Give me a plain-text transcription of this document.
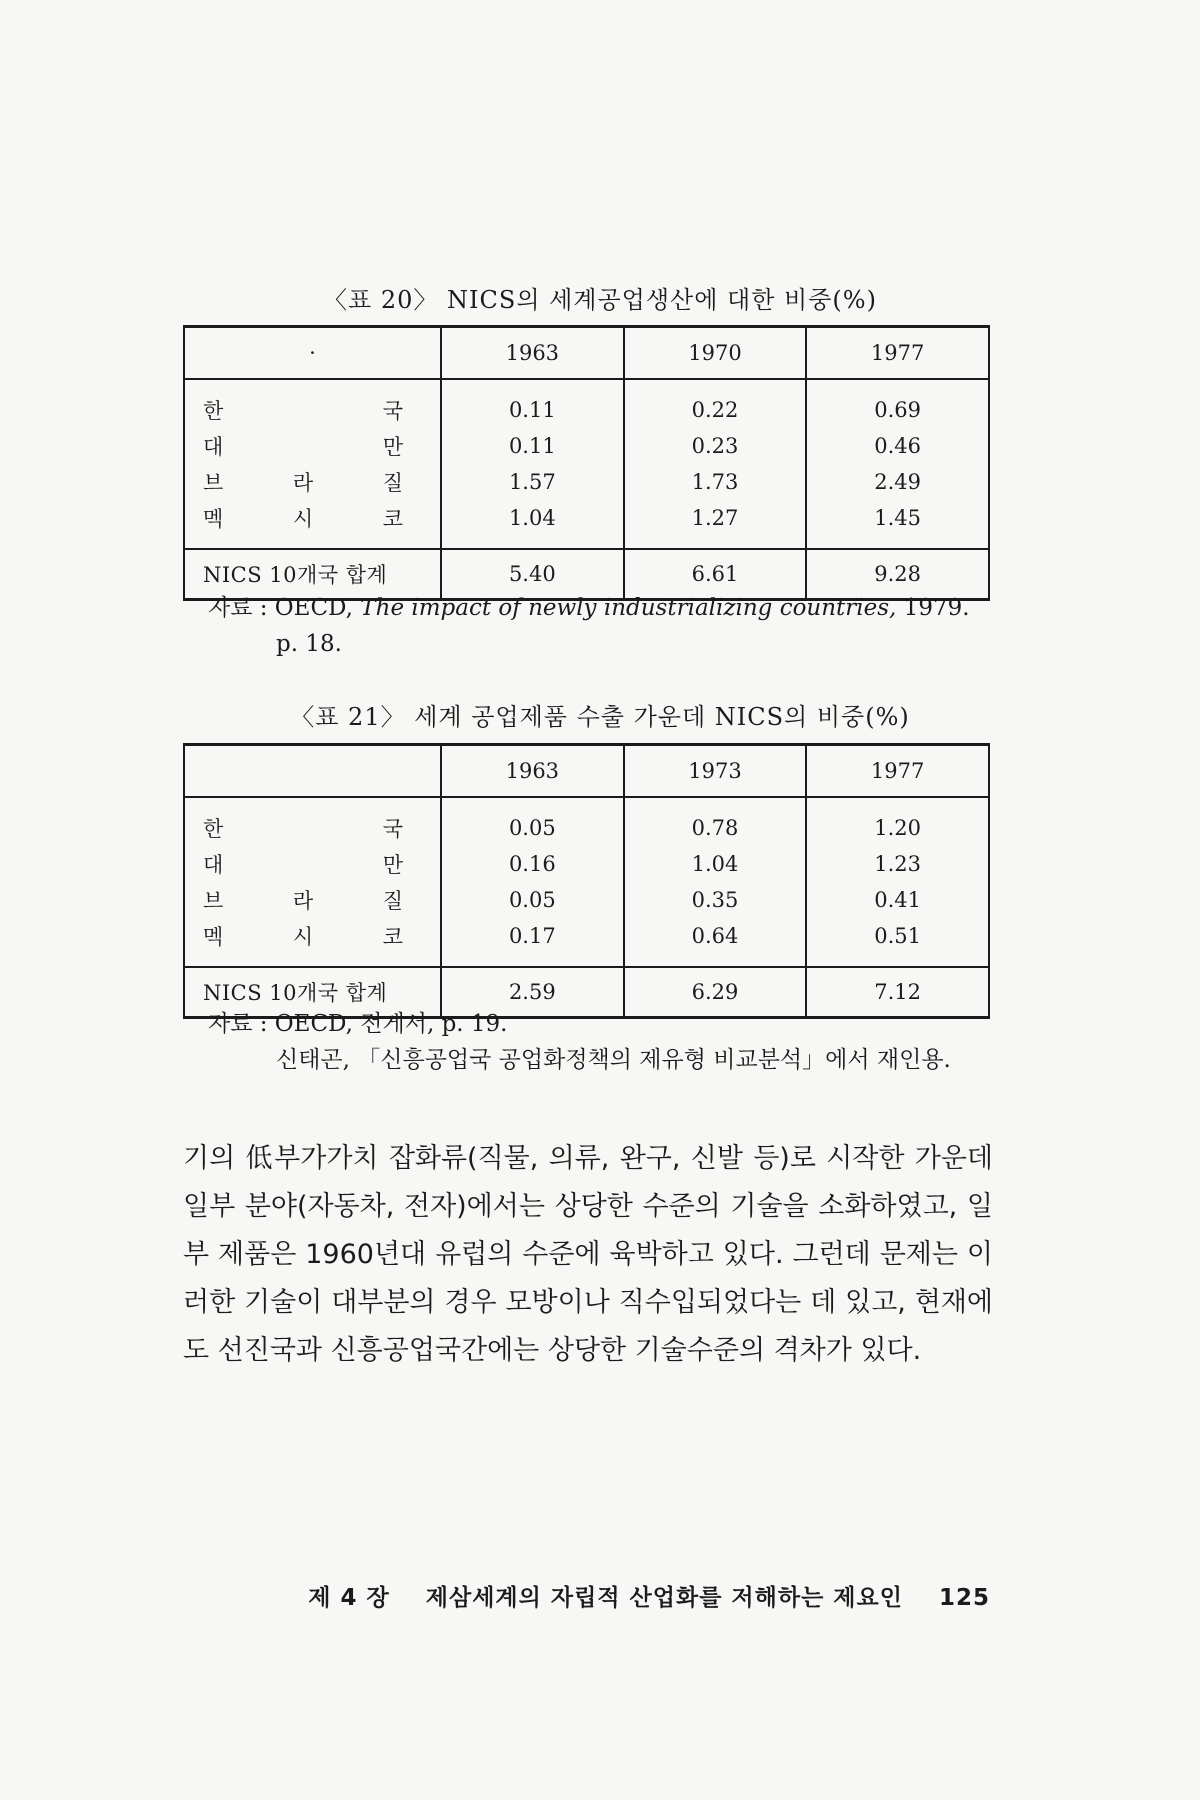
〈표 20〉 NICS의 세계공업생산에 대한 비중(%)
·	1963	1970	1977

한 국	0.11	0.22	0.69

대 만	0.11	0.23	0.46

브 라 질	1.57	1.73	2.49

멕 시 코	1.04	1.27	1.45
NICS 10개국 합계	5.40	6.61	9.28
자료 : OECD, The impact of newly industrializing countries, 1979.
p. 18.
〈표 21〉 세계 공업제품 수출 가운데 NICS의 비중(%)
	1963	1973	1977

한 국	0.05	0.78	1.20

대 만	0.16	1.04	1.23

브 라 질	0.05	0.35	0.41

멕 시 코	0.17	0.64	0.51
NICS 10개국 합계	2.59	6.29	7.12
자료 : OECD, 전게서, p. 19.
신태곤, 「신흥공업국 공업화정책의 제유형 비교분석」에서 재인용.

기의 低부가가치 잡화류(직물, 의류, 완구, 신발 등)로 시작한 가운데 일부 분야(자동차, 전자)에서는 상당한 수준의 기술을 소화하였고, 일부 제품은 1960년대 유럽의 수준에 육박하고 있다. 그런데 문제는 이러한 기술이 대부분의 경우 모방이나 직수입되었다는 데 있고, 현재에도 선진국과 신흥공업국간에는 상당한 기술수준의 격차가 있다.

제 4 장 제삼세계의 자립적 산업화를 저해하는 제요인 125
